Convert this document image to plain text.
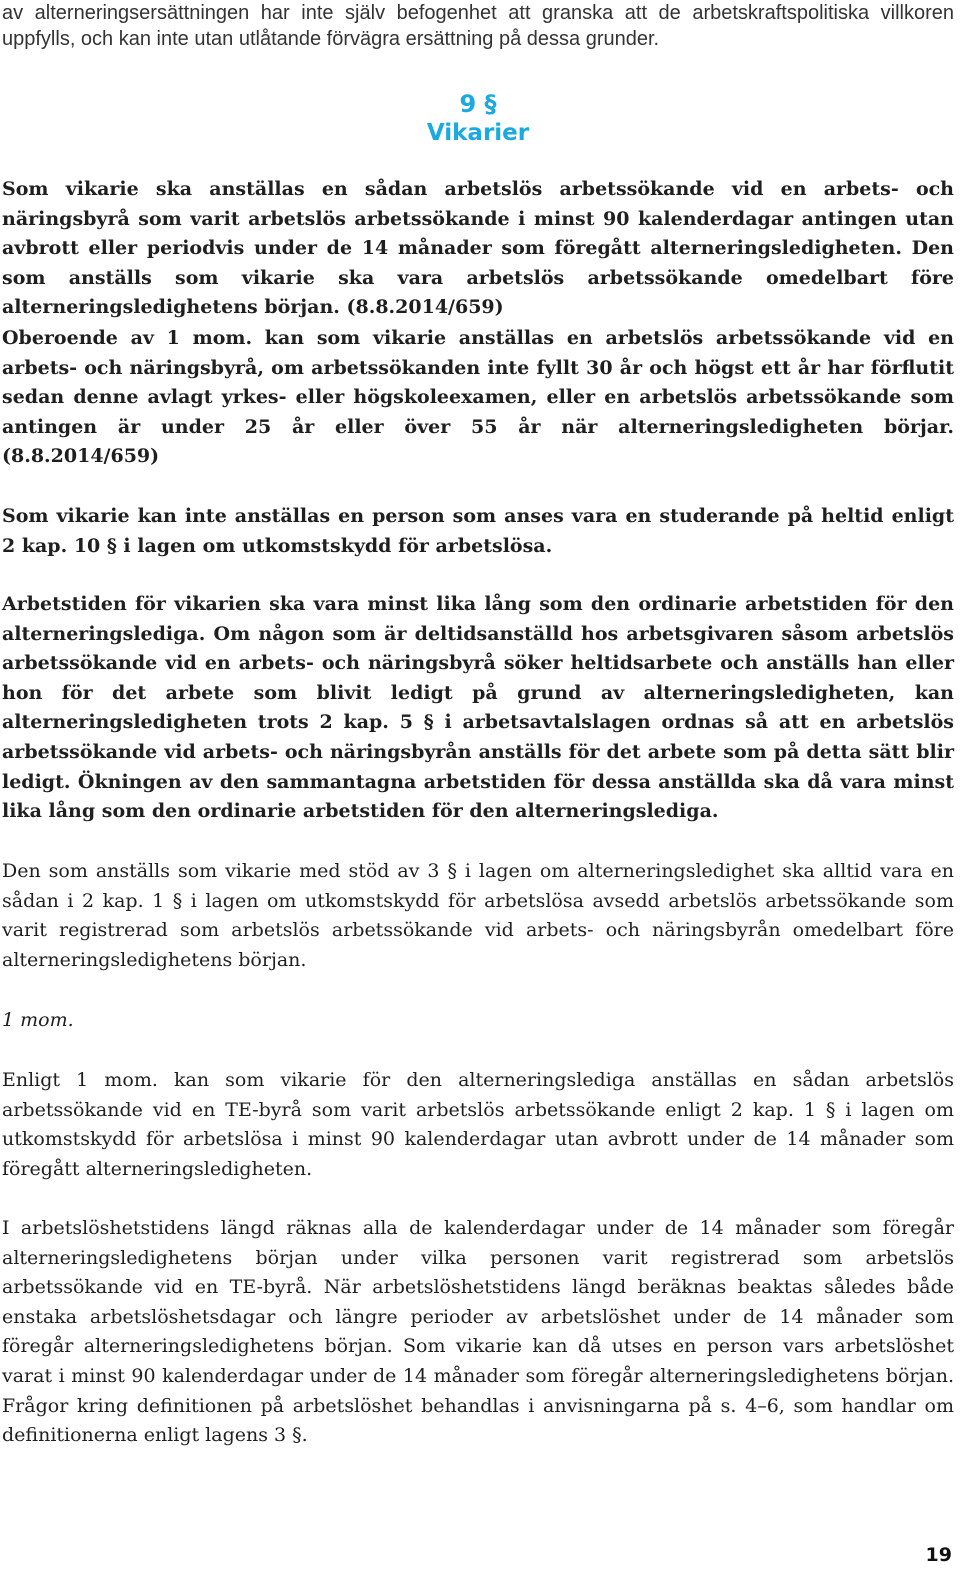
av alterneringsersättningen har inte själv befogenhet att granska att de arbetskraftspolitiska villkoren uppfylls, och kan inte utan utlåtande förvägra ersättning på dessa grunder.

9 §
Vikarier

Som vikarie ska anställas en sådan arbetslös arbetssökande vid en arbets- och näringsbyrå som varit arbetslös arbetssökande i minst 90 kalenderdagar antingen utan avbrott eller periodvis under de 14 månader som föregått alterneringsledigheten. Den som anställs som vikarie ska vara arbetslös arbetssökande omedelbart före alterneringsledighetens början. (8.8.2014/659)

Oberoende av 1 mom. kan som vikarie anställas en arbetslös arbetssökande vid en arbets- och näringsbyrå, om arbetssökanden inte fyllt 30 år och högst ett år har förflutit sedan denne avlagt yrkes- eller högskoleexamen, eller en arbetslös arbetssökande som antingen är under 25 år eller över 55 år när alterneringsledigheten börjar. (8.8.2014/659)

Som vikarie kan inte anställas en person som anses vara en studerande på heltid enligt 2 kap. 10 § i lagen om utkomstskydd för arbetslösa.

Arbetstiden för vikarien ska vara minst lika lång som den ordinarie arbetstiden för den alterneringslediga. Om någon som är deltidsanställd hos arbetsgivaren såsom arbetslös arbetssökande vid en arbets- och näringsbyrå söker heltidsarbete och anställs han eller hon för det arbete som blivit ledigt på grund av alterneringsledigheten, kan alterneringsledigheten trots 2 kap. 5 § i arbetsavtalslagen ordnas så att en arbetslös arbetssökande vid arbets- och näringsbyrån anställs för det arbete som på detta sätt blir ledigt. Ökningen av den sammantagna arbetstiden för dessa anställda ska då vara minst lika lång som den ordinarie arbetstiden för den alterneringslediga.

Den som anställs som vikarie med stöd av 3 § i lagen om alterneringsledighet ska alltid vara en sådan i 2 kap. 1 § i lagen om utkomstskydd för arbetslösa avsedd arbetslös arbetssökande som varit registrerad som arbetslös arbetssökande vid arbets- och näringsbyrån omedelbart före alterneringsledighetens början.

1 mom.

Enligt 1 mom. kan som vikarie för den alterneringslediga anställas en sådan arbetslös arbetssökande vid en TE-byrå som varit arbetslös arbetssökande enligt 2 kap. 1 § i lagen om utkomstskydd för arbetslösa i minst 90 kalenderdagar utan avbrott under de 14 månader som föregått alterneringsledigheten.

I arbetslöshetstidens längd räknas alla de kalenderdagar under de 14 månader som föregår alterneringsledighetens början under vilka personen varit registrerad som arbetslös arbetssökande vid en TE-byrå. När arbetslöshetstidens längd beräknas beaktas således både enstaka arbetslöshetsdagar och längre perioder av arbetslöshet under de 14 månader som föregår alterneringsledighetens början. Som vikarie kan då utses en person vars arbetslöshet varat i minst 90 kalenderdagar under de 14 månader som föregår alterneringsledighetens början. Frågor kring definitionen på arbetslöshet behandlas i anvisningarna på s. 4–6, som handlar om definitionerna enligt lagens 3 §.

19
